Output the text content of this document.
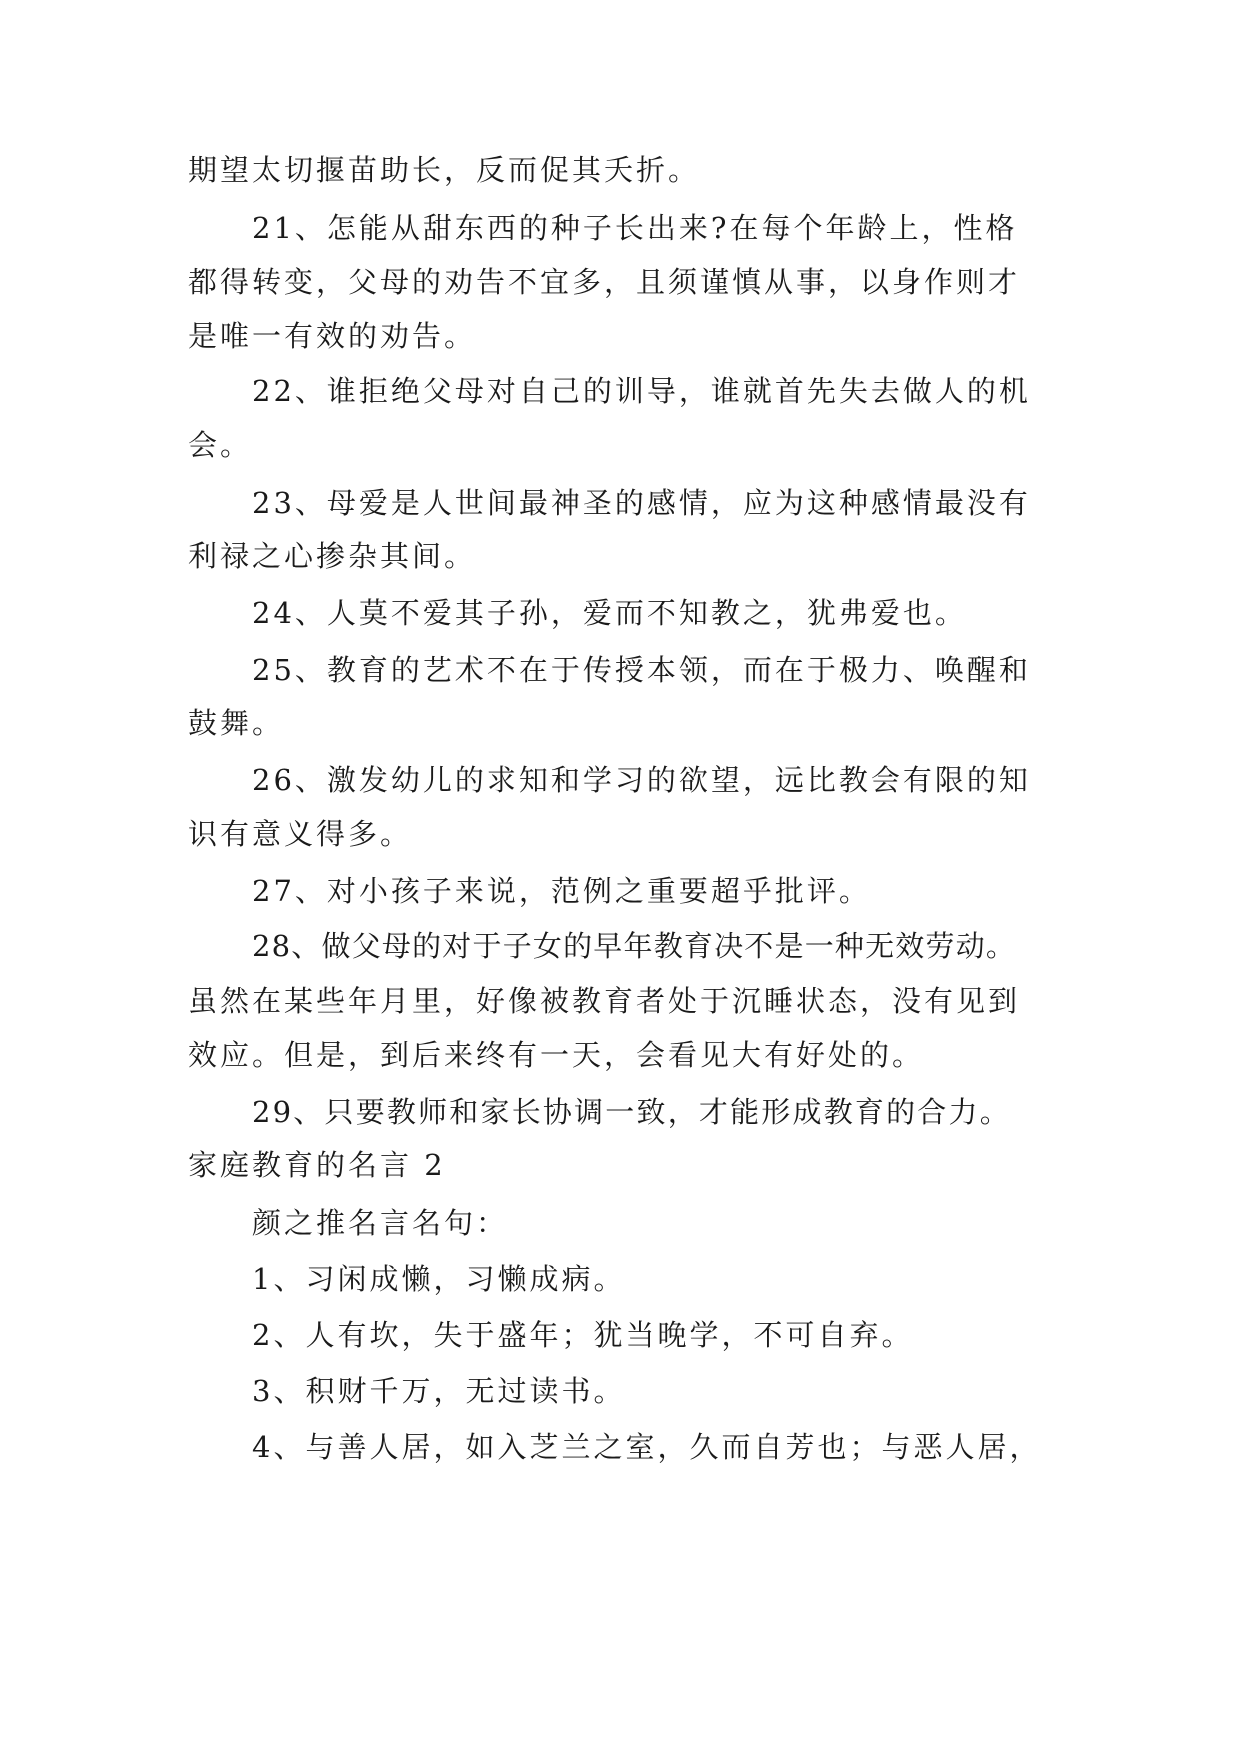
期望太切揠苗助长，反而促其夭折。
21、怎能从甜东西的种子长出来?在每个年龄上，性格
都得转变，父母的劝告不宜多，且须谨慎从事，以身作则才
是唯一有效的劝告。
22、谁拒绝父母对自己的训导，谁就首先失去做人的机
会。
23、母爱是人世间最神圣的感情，应为这种感情最没有
利禄之心掺杂其间。
24、人莫不爱其子孙，爱而不知教之，犹弗爱也。
25、教育的艺术不在于传授本领，而在于极力、唤醒和
鼓舞。
26、激发幼儿的求知和学习的欲望，远比教会有限的知
识有意义得多。
27、对小孩子来说，范例之重要超乎批评。
28、做父母的对于子女的早年教育决不是一种无效劳动。
虽然在某些年月里，好像被教育者处于沉睡状态，没有见到
效应。但是，到后来终有一天，会看见大有好处的。
29、只要教师和家长协调一致，才能形成教育的合力。
家庭教育的名言 2
颜之推名言名句：
1、习闲成懒，习懒成病。
2、人有坎，失于盛年；犹当晚学，不可自弃。
3、积财千万，无过读书。
4、与善人居，如入芝兰之室，久而自芳也；与恶人居，
